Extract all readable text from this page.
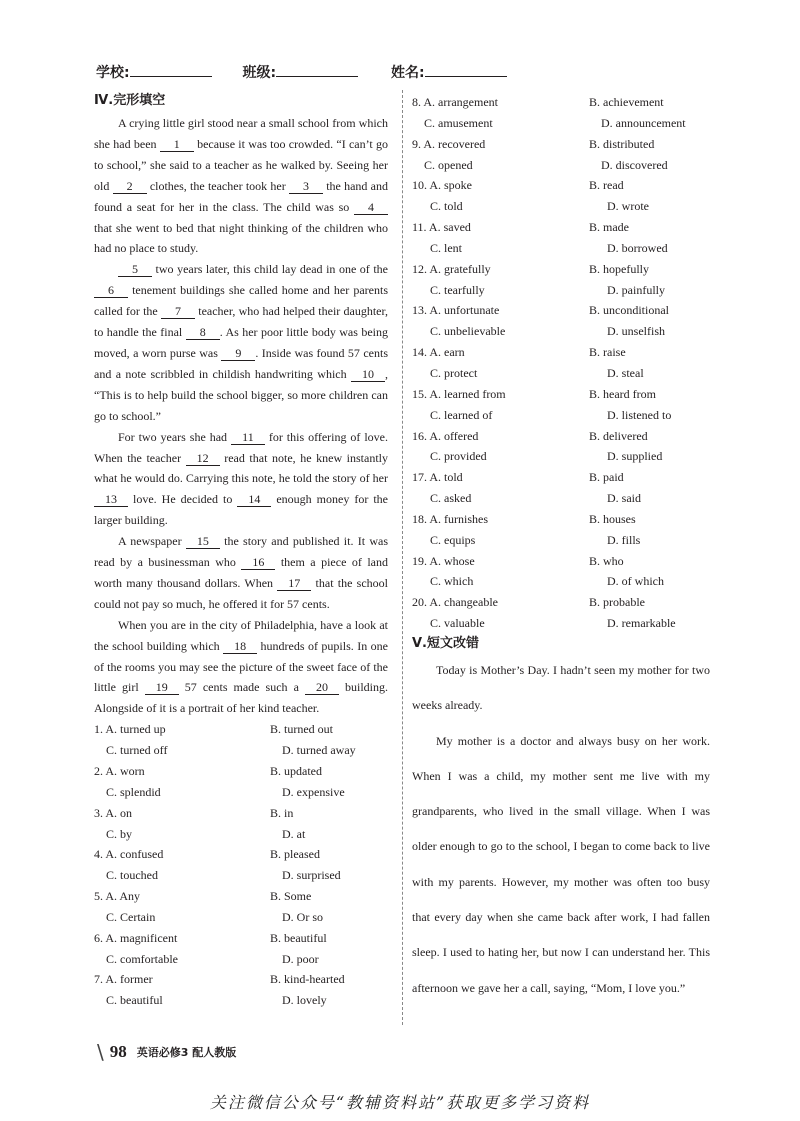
学校:	班级:	姓名:
Ⅳ.完形填空

A crying little girl stood near a small school from which she had been 1 because it was too crowded. “I can’t go to school,” she said to a teacher as he walked by. Seeing her old 2 clothes, the teacher took her 3 the hand and found a seat for her in the class. The child was so 4 that she went to bed that night thinking of the children who had no place to study.

5 two years later, this child lay dead in one of the 6 tenement buildings she called home and her parents called for the 7 teacher, who had helped their daughter, to handle the final 8 . As her poor little body was being moved, a worn purse was 9 . Inside was found 57 cents and a note scribbled in childish handwriting which 10 , “This is to help build the school bigger, so more children can go to school.”

For two years she had 11 for this offering of love. When the teacher 12 read that note, he knew instantly what he would do. Carrying this note, he told the story of her 13 love. He decided to 14 enough money for the larger building.

A newspaper 15 the story and published it. It was read by a businessman who 16 them a piece of land worth many thousand dollars. When 17 that the school could not pay so much, he offered it for 57 cents.

When you are in the city of Philadelphia, have a look at the school building which 18 hundreds of pupils. In one of the rooms you may see the picture of the sweet face of the little girl 19 57 cents made such a 20 building. Alongside of it is a portrait of her kind teacher.

1. A. turned up	B. turned out
C. turned off	D. turned away
2. A. worn	B. updated
C. splendid	D. expensive
3. A. on	B. in
C. by	D. at
4. A. confused	B. pleased
C. touched	D. surprised
5. A. Any	B. Some
C. Certain	D. Or so
6. A. magnificent	B. beautiful
C. comfortable	D. poor
7. A. former	B. kind-hearted
C. beautiful	D. lovely
8. A. arrangement	B. achievement
C. amusement	D. announcement
9. A. recovered	B. distributed
C. opened	D. discovered
10. A. spoke	B. read
C. told	D. wrote
11. A. saved	B. made
C. lent	D. borrowed
12. A. gratefully	B. hopefully
C. tearfully	D. painfully
13. A. unfortunate	B. unconditional
C. unbelievable	D. unselfish
14. A. earn	B. raise
C. protect	D. steal
15. A. learned from	B. heard from
C. learned of	D. listened to
16. A. offered	B. delivered
C. provided	D. supplied
17. A. told	B. paid
C. asked	D. said
18. A. furnishes	B. houses
C. equips	D. fills
19. A. whose	B. who
C. which	D. of which
20. A. changeable	B. probable
C. valuable	D. remarkable
Ⅴ.短文改错

Today is Mother’s Day. I hadn’t seen my mother for two weeks already.

My mother is a doctor and always busy on her work. When I was a child, my mother sent me live with my grandparents, who lived in the small village. When I was older enough to go to the school, I began to come back to live with my parents. However, my mother was often too busy that every day when she came back after work, I had fallen sleep. I used to hating her, but now I can understand her. This afternoon we gave her a call, saying, “Mom, I love you.”

\ 98 英语必修3 配人教版
关注微信公众号“教辅资料站”获取更多学习资料
